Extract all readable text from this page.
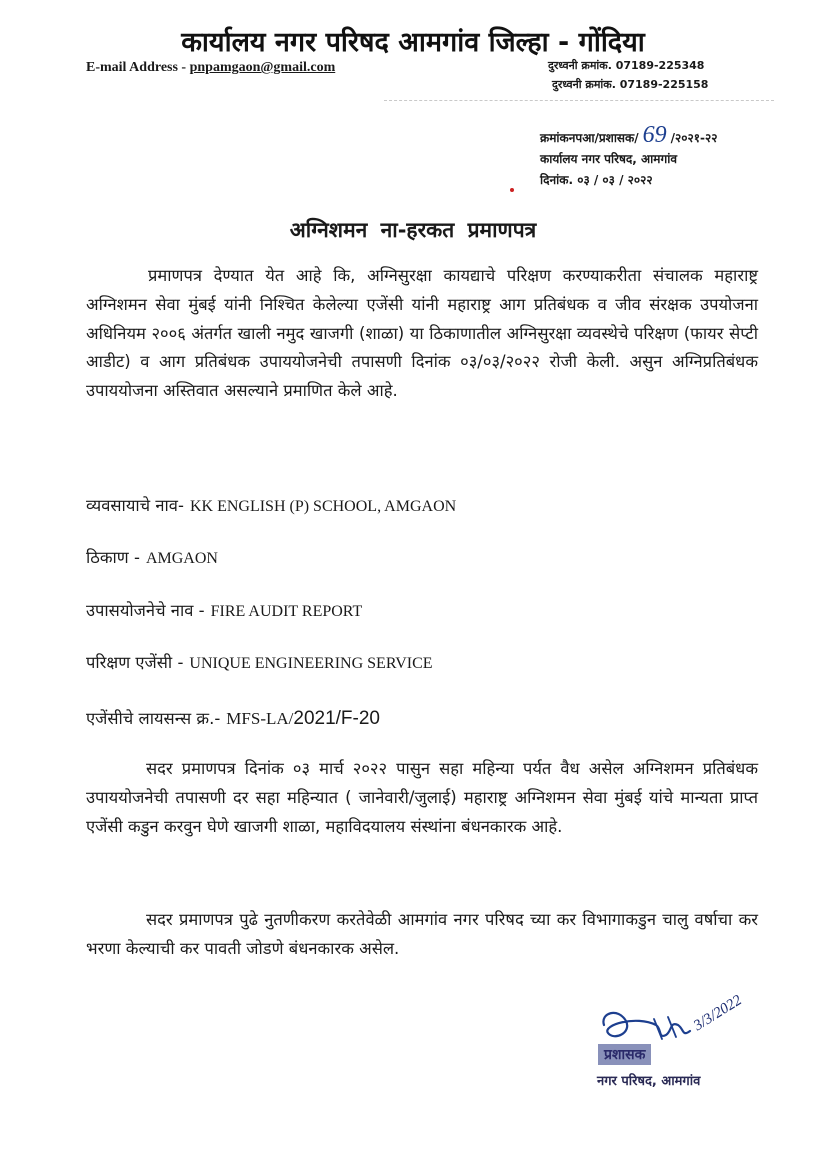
कार्यालय नगर परिषद आमगांव जिल्हा - गोंदिया
E-mail Address - pnpamgaon@gmail.com	दुरध्वनी क्रमांक. 07189-225348
दुरध्वनी क्रमांक. 07189-225158
क्रमांकनपआ/प्रशासक/ 69 /२०२१-२२
कार्यालय नगर परिषद, आमगांव
दिनांक. ०३ / ०३ / २०२२
अग्निशमन ना-हरकत प्रमाणपत्र
प्रमाणपत्र देण्यात येत आहे कि, अग्निसुरक्षा कायद्याचे परिक्षण करण्याकरीता संचालक महाराष्ट्र अग्निशमन सेवा मुंबई यांनी निश्चित केलेल्या एजेंसी यांनी महाराष्ट्र आग प्रतिबंधक व जीव संरक्षक उपयोजना अधिनियम २००६ अंतर्गत खाली नमुद खाजगी (शाळा) या ठिकाणातील अग्निसुरक्षा व्यवस्थेचे परिक्षण (फायर सेप्टी आडीट) व आग प्रतिबंधक उपाययोजनेची तपासणी दिनांक ०३/०३/२०२२ रोजी केली. असुन अग्निप्रतिबंधक उपाययोजना अस्तिवात असल्याने प्रमाणित केले आहे.
व्यवसायाचे नाव- KK ENGLISH (P) SCHOOL, AMGAON
ठिकाण - AMGAON
उपासयोजनेचे नाव - FIRE AUDIT REPORT
परिक्षण एजेंसी - UNIQUE ENGINEERING SERVICE
एजेंसीचे लायसन्स क्र.- MFS-LA/2021/F-20
सदर प्रमाणपत्र दिनांक ०३ मार्च २०२२ पासुन सहा महिन्या पर्यत वैध असेल अग्निशमन प्रतिबंधक उपाययोजनेची तपासणी दर सहा महिन्यात ( जानेवारी/जुलाई) महाराष्ट्र अग्निशमन सेवा मुंबई यांचे मान्यता प्राप्त एजेंसी कडुन करवुन घेणे खाजगी शाळा, महाविदयालय संस्थांना बंधनकारक आहे.
सदर प्रमाणपत्र पुढे नुतणीकरण करतेवेळी आमगांव नगर परिषद च्या कर विभागाकडुन चालु वर्षाचा कर भरणा केल्याची कर पावती जोडणे बंधनकारक असेल.
3/3/2022
प्रशासक
नगर परिषद, आमगांव
